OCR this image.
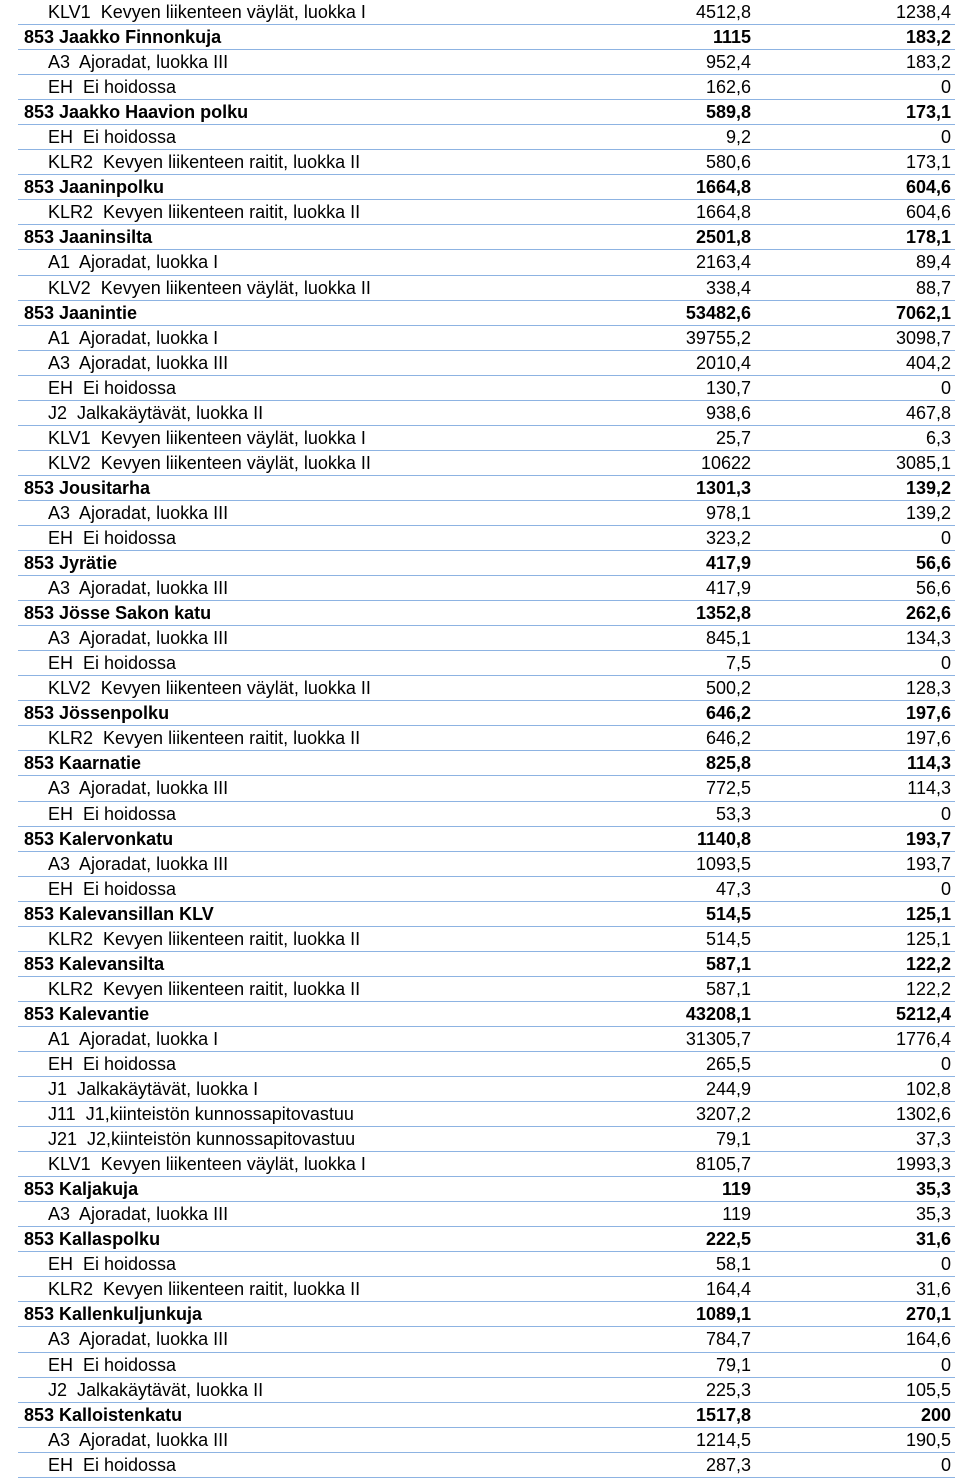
KLV1  Kevyen liikenteen väylät, luokka I	4512,8	1238,4
853 Jaakko Finnonkuja	1115	183,2
A3  Ajoradat, luokka III	952,4	183,2
EH  Ei hoidossa	162,6	0
853 Jaakko Haavion polku	589,8	173,1
EH  Ei hoidossa	9,2	0
KLR2  Kevyen liikenteen raitit, luokka II	580,6	173,1
853 Jaaninpolku	1664,8	604,6
KLR2  Kevyen liikenteen raitit, luokka II	1664,8	604,6
853 Jaaninsilta	2501,8	178,1
A1  Ajoradat, luokka I	2163,4	89,4
KLV2  Kevyen liikenteen väylät, luokka II	338,4	88,7
853 Jaanintie	53482,6	7062,1
A1  Ajoradat, luokka I	39755,2	3098,7
A3  Ajoradat, luokka III	2010,4	404,2
EH  Ei hoidossa	130,7	0
J2  Jalkakäytävät, luokka II	938,6	467,8
KLV1  Kevyen liikenteen väylät, luokka I	25,7	6,3
KLV2  Kevyen liikenteen väylät, luokka II	10622	3085,1
853 Jousitarha	1301,3	139,2
A3  Ajoradat, luokka III	978,1	139,2
EH  Ei hoidossa	323,2	0
853 Jyrätie	417,9	56,6
A3  Ajoradat, luokka III	417,9	56,6
853 Jösse Sakon katu	1352,8	262,6
A3  Ajoradat, luokka III	845,1	134,3
EH  Ei hoidossa	7,5	0
KLV2  Kevyen liikenteen väylät, luokka II	500,2	128,3
853 Jössenpolku	646,2	197,6
KLR2  Kevyen liikenteen raitit, luokka II	646,2	197,6
853 Kaarnatie	825,8	114,3
A3  Ajoradat, luokka III	772,5	114,3
EH  Ei hoidossa	53,3	0
853 Kalervonkatu	1140,8	193,7
A3  Ajoradat, luokka III	1093,5	193,7
EH  Ei hoidossa	47,3	0
853 Kalevansillan KLV	514,5	125,1
KLR2  Kevyen liikenteen raitit, luokka II	514,5	125,1
853 Kalevansilta	587,1	122,2
KLR2  Kevyen liikenteen raitit, luokka II	587,1	122,2
853 Kalevantie	43208,1	5212,4
A1  Ajoradat, luokka I	31305,7	1776,4
EH  Ei hoidossa	265,5	0
J1  Jalkakäytävät, luokka I	244,9	102,8
J11  J1,kiinteistön kunnossapitovastuu	3207,2	1302,6
J21  J2,kiinteistön kunnossapitovastuu	79,1	37,3
KLV1  Kevyen liikenteen väylät, luokka I	8105,7	1993,3
853 Kaljakuja	119	35,3
A3  Ajoradat, luokka III	119	35,3
853 Kallaspolku	222,5	31,6
EH  Ei hoidossa	58,1	0
KLR2  Kevyen liikenteen raitit, luokka II	164,4	31,6
853 Kallenkuljunkuja	1089,1	270,1
A3  Ajoradat, luokka III	784,7	164,6
EH  Ei hoidossa	79,1	0
J2  Jalkakäytävät, luokka II	225,3	105,5
853 Kalloistenkatu	1517,8	200
A3  Ajoradat, luokka III	1214,5	190,5
EH  Ei hoidossa	287,3	0
